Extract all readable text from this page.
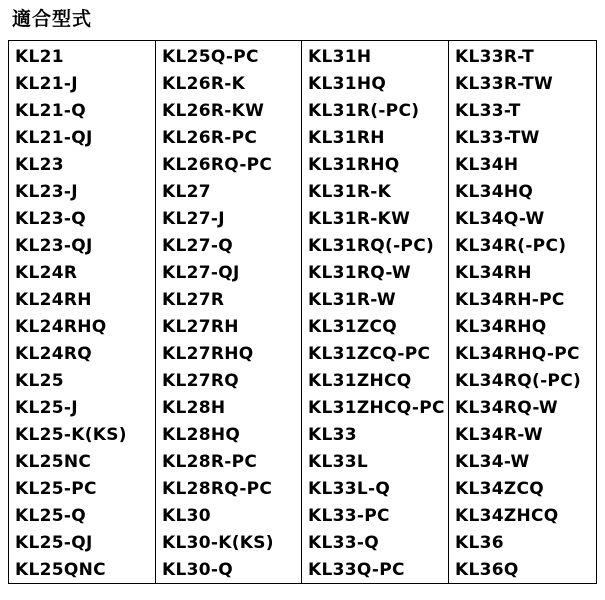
適合型式
KL21	KL25Q-PC	KL31H	KL33R-T
KL21-J	KL26R-K	KL31HQ	KL33R-TW
KL21-Q	KL26R-KW	KL31R(-PC)	KL33-T
KL21-QJ	KL26R-PC	KL31RH	KL33-TW
KL23	KL26RQ-PC	KL31RHQ	KL34H
KL23-J	KL27	KL31R-K	KL34HQ
KL23-Q	KL27-J	KL31R-KW	KL34Q-W
KL23-QJ	KL27-Q	KL31RQ(-PC)	KL34R(-PC)
KL24R	KL27-QJ	KL31RQ-W	KL34RH
KL24RH	KL27R	KL31R-W	KL34RH-PC
KL24RHQ	KL27RH	KL31ZCQ	KL34RHQ
KL24RQ	KL27RHQ	KL31ZCQ-PC	KL34RHQ-PC
KL25	KL27RQ	KL31ZHCQ	KL34RQ(-PC)
KL25-J	KL28H	KL31ZHCQ-PC	KL34RQ-W
KL25-K(KS)	KL28HQ	KL33	KL34R-W
KL25NC	KL28R-PC	KL33L	KL34-W
KL25-PC	KL28RQ-PC	KL33L-Q	KL34ZCQ
KL25-Q	KL30	KL33-PC	KL34ZHCQ
KL25-QJ	KL30-K(KS)	KL33-Q	KL36
KL25QNC	KL30-Q	KL33Q-PC	KL36Q
